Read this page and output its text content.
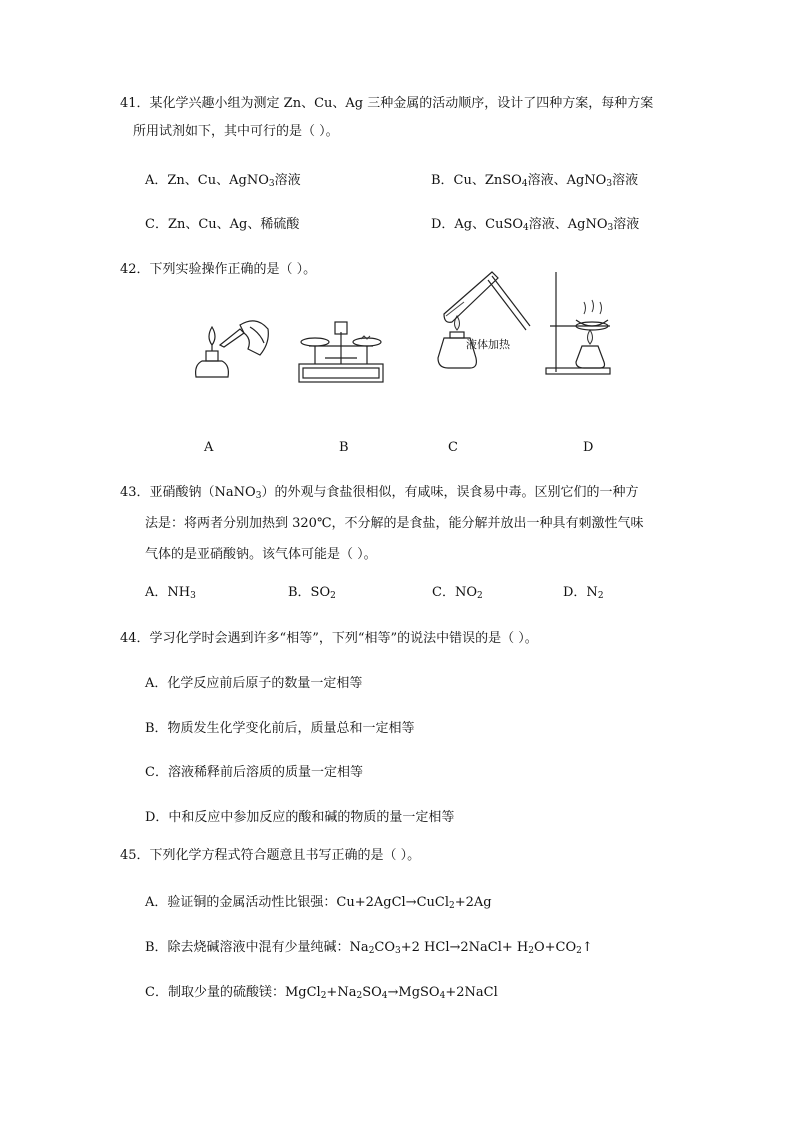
41．某化学兴趣小组为测定 Zn、Cu、Ag 三种金属的活动顺序，设计了四种方案，每种方案
所用试剂如下，其中可行的是（ ）。
A．Zn、Cu、AgNO$_3$溶液	B．Cu、ZnSO$_4$溶液、AgNO$_3$溶液
C．Zn、Cu、Ag、稀硫酸	D．Ag、CuSO$_4$溶液、AgNO$_3$溶液
42．下列实验操作正确的是（ ）。
液体加热
A	B	C	D
43．亚硝酸钠（NaNO$_3$）的外观与食盐很相似，有咸味，误食易中毒。区别它们的一种方
法是：将两者分别加热到 320℃，不分解的是食盐，能分解并放出一种具有刺激性气味
气体的是亚硝酸钠。该气体可能是（ ）。
A．$NH_3$	B．$SO_2$	C．$NO_2$	D．$N_2$
44．学习化学时会遇到许多“相等”，下列“相等”的说法中错误的是（ ）。
A．化学反应前后原子的数量一定相等
B．物质发生化学变化前后，质量总和一定相等
C．溶液稀释前后溶质的质量一定相等
D．中和反应中参加反应的酸和碱的物质的量一定相等
45．下列化学方程式符合题意且书写正确的是（ ）。
A．验证铜的金属活动性比银强：Cu+2AgCl→CuCl$_2$+2Ag
B．除去烧碱溶液中混有少量纯碱：$Na_2CO_3+2$ HCl→2NaCl+ $H_2O+CO_2↑$
C．制取少量的硫酸镁：$MgCl_2+Na_2SO_4\to MgSO_4+2NaCl$
